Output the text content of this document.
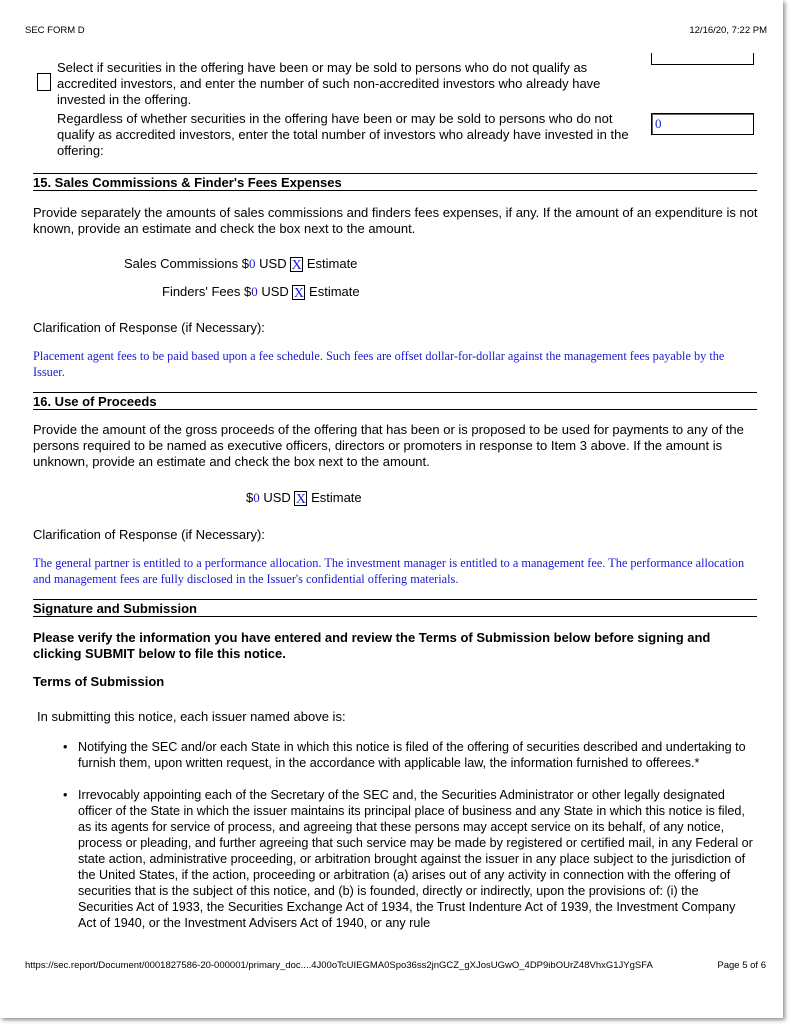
SEC FORM D	12/16/20, 7:22 PM
Select if securities in the offering have been or may be sold to persons who do not qualify as accredited investors, and enter the number of such non-accredited investors who already have invested in the offering.
Regardless of whether securities in the offering have been or may be sold to persons who do not qualify as accredited investors, enter the total number of investors who already have invested in the offering:
0
15. Sales Commissions & Finder's Fees Expenses
Provide separately the amounts of sales commissions and finders fees expenses, if any. If the amount of an expenditure is not known, provide an estimate and check the box next to the amount.
Sales Commissions $0 USD X Estimate
Finders' Fees $0 USD X Estimate
Clarification of Response (if Necessary):
Placement agent fees to be paid based upon a fee schedule. Such fees are offset dollar-for-dollar against the management fees payable by the Issuer.
16. Use of Proceeds
Provide the amount of the gross proceeds of the offering that has been or is proposed to be used for payments to any of the persons required to be named as executive officers, directors or promoters in response to Item 3 above. If the amount is unknown, provide an estimate and check the box next to the amount.
$0 USD X Estimate
Clarification of Response (if Necessary):
The general partner is entitled to a performance allocation. The investment manager is entitled to a management fee. The performance allocation and management fees are fully disclosed in the Issuer's confidential offering materials.
Signature and Submission
Please verify the information you have entered and review the Terms of Submission below before signing and clicking SUBMIT below to file this notice.
Terms of Submission
In submitting this notice, each issuer named above is:
• Notifying the SEC and/or each State in which this notice is filed of the offering of securities described and undertaking to furnish them, upon written request, in the accordance with applicable law, the information furnished to offerees.*
• Irrevocably appointing each of the Secretary of the SEC and, the Securities Administrator or other legally designated officer of the State in which the issuer maintains its principal place of business and any State in which this notice is filed, as its agents for service of process, and agreeing that these persons may accept service on its behalf, of any notice, process or pleading, and further agreeing that such service may be made by registered or certified mail, in any Federal or state action, administrative proceeding, or arbitration brought against the issuer in any place subject to the jurisdiction of the United States, if the action, proceeding or arbitration (a) arises out of any activity in connection with the offering of securities that is the subject of this notice, and (b) is founded, directly or indirectly, upon the provisions of: (i) the Securities Act of 1933, the Securities Exchange Act of 1934, the Trust Indenture Act of 1939, the Investment Company Act of 1940, or the Investment Advisers Act of 1940, or any rule
https://sec.report/Document/0001827586-20-000001/primary_doc....4J00oTcUIEGMA0Spo36ss2jnGCZ_gXJosUGwO_4DP9ibOUrZ48VhxG1JYgSFA	Page 5 of 6
